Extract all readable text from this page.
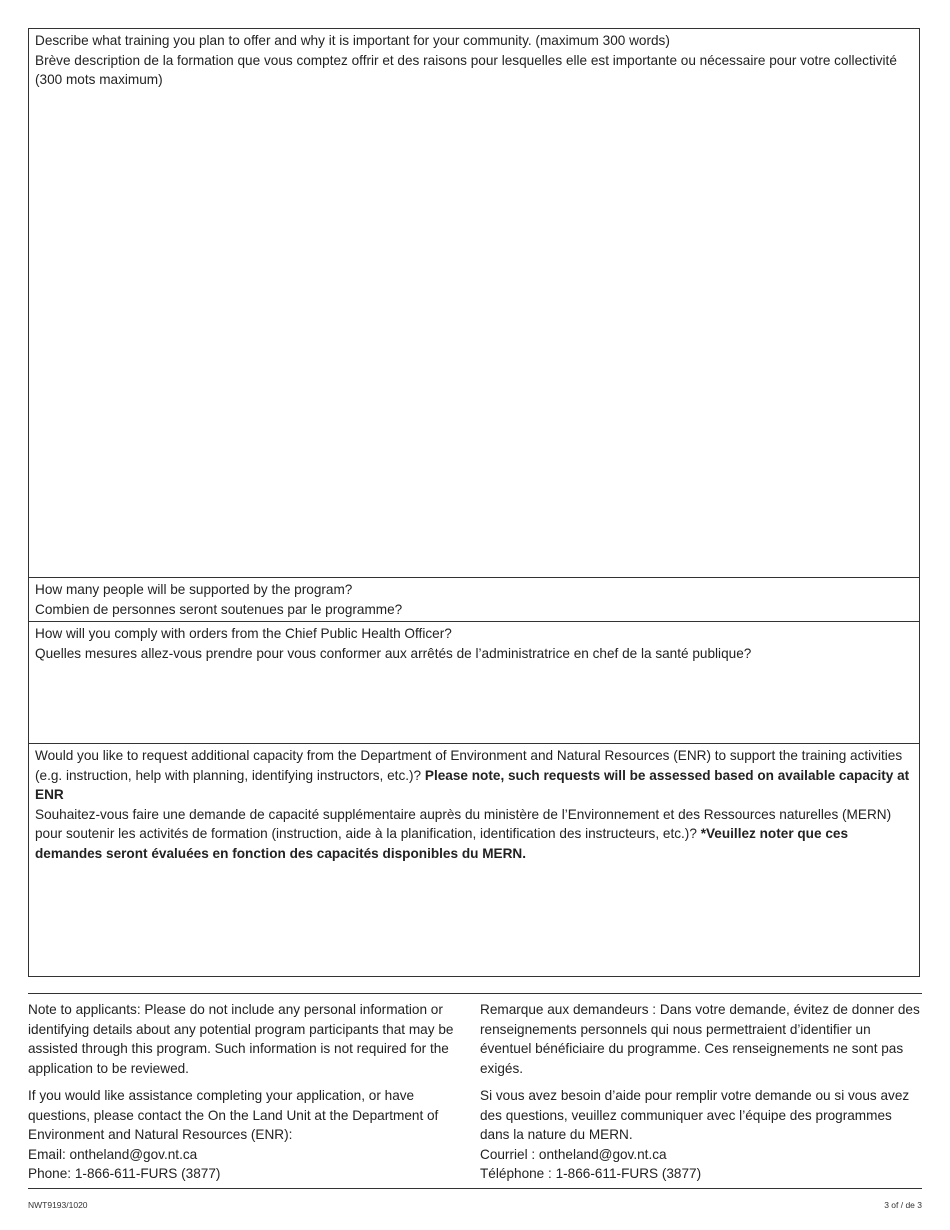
Describe what training you plan to offer and why it is important for your community. (maximum 300 words)
Brève description de la formation que vous comptez offrir et des raisons pour lesquelles elle est importante ou nécessaire pour votre collectivité (300 mots maximum)
How many people will be supported by the program?
Combien de personnes seront soutenues par le programme?
How will you comply with orders from the Chief Public Health Officer?
Quelles mesures allez-vous prendre pour vous conformer aux arrêtés de l’administratrice en chef de la santé publique?
Would you like to request additional capacity from the Department of Environment and Natural Resources (ENR) to support the training activities (e.g. instruction, help with planning, identifying instructors, etc.)? Please note, such requests will be assessed based on available capacity at ENR
Souhaitez-vous faire une demande de capacité supplémentaire auprès du ministère de l’Environnement et des Ressources naturelles (MERN) pour soutenir les activités de formation (instruction, aide à la planification, identification des instructeurs, etc.)? *Veuillez noter que ces demandes seront évaluées en fonction des capacités disponibles du MERN.

Note to applicants: Please do not include any personal information or identifying details about any potential program participants that may be assisted through this program. Such information is not required for the application to be reviewed.

If you would like assistance completing your application, or have questions, please contact the On the Land Unit at the Department of Environment and Natural Resources (ENR):
Email: ontheland@gov.nt.ca
Phone: 1-866-611-FURS (3877)

Remarque aux demandeurs : Dans votre demande, évitez de donner des renseignements personnels qui nous permettraient d’identifier un éventuel bénéficiaire du programme. Ces renseignements ne sont pas exigés.

Si vous avez besoin d’aide pour remplir votre demande ou si vous avez des questions, veuillez communiquer avec l’équipe des programmes dans la nature du MERN.
Courriel : ontheland@gov.nt.ca
Téléphone : 1-866-611-FURS (3877)

NWT9193/1020	3 of / de 3
